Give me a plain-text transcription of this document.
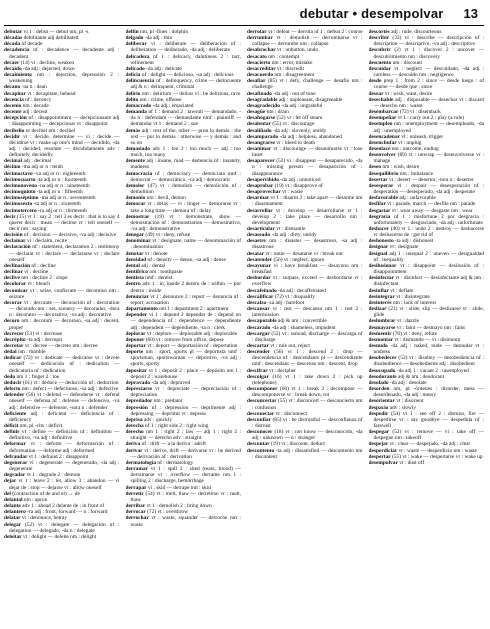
debutar • desempolvar 13

debutar vi 1 : debut — debut nm, pl -s

décadas debilitante adj debilitated

década nf decade

decadencia nf : decadence — decadente adj : decadent

decaer (14) vi : decline, weaken

decaído -da adj : dejected, down

decaimiento nm : dejection, depression 2 : weakening

decano -na n : dean

decapitar vt : decapitate, behead

decencia nf : decency

decenio nm : decade

decente adj : decent

decepción nf : disappointment — decepcionante adj : disappointing — decepcionar vt : disappoint

decibelio or decibel nm : decibel

decidir vt : decide, determine — vi : decide — decidirse vr : make up one's mind — decidido, -da adj : decided, resolute — decididamente adv : definitely, decidedly

decimal adj : decimal

décimo -ma adj or n : tenth

decimoctavo -va adj or n : eighteenth

decimocuarto -ta adj or n : fourteenth

decimonoveno -na adj or n : nineteenth

decimoquinto -ta adj or n : fifteenth

decimoséptimo -ma adj or n : seventeenth

decimosexto -ta adj or n : sixteenth

decimotercero -ra adj or n : thirteenth

decir (15) vt 1 : say 2 : tell 3 es decir : that is to say 4 querer decir : mean — decirse vr : tell oneself — decir nm : saying

decisión nf : decision — decisivo, -va adj : decisive

declamar vi : declaim, recite

declaración nf : statement, declaration 2 : testimony — declarar vt : declare — declararse vr : declare oneself

declinación nf : decline

declinar vi : decline

declive nm : decline 2 : slope

decolorar vt : bleach

decomisar vt : seize, confiscate — decomiso nm : seizure

decorar vt : decorate — decoración nf : decoration — decorado nm : set, scenery — decorador, -dora n : decorator — decorativo, -va adj : decorative

decoro nm : decorum — decoroso, -sa adj : decent, proper

decrecer (53) vi : decrease

decrépito -ta adj : decrepit

decretar vt : decree — decreto nm : decree

dedal nm : thimble

dedicar (72) vt : dedicate — dedicarse vr : devote oneself — dedicación nf : dedication — dedicatoria nf : dedication

dedo nm 1 : finger 2 : toe

deducir (61) vt : deduce — deducción nf : deduction

defecto nm : defect — defectuoso, -sa adj : defective

defender (56) vt : defend — defenderse vr : defend oneself — defensa nf : defense — defensivo, -va adj : defensive — defensor, -sora n : defender

deficiente adj : deficient — deficiencia nf : deficiency

déficit nm, pl -cits : deficit

definir vt : define — definición nf : definition — definitivo, -va adj : definitive

deformar vt : deform — deformación nf : deformation — deforme adj : deformed

defraudar vt 1 : defraud 2 : disappoint

degenerar vi : degenerate — degenerado, -da adj : degenerate

degradar vt 1 : degrade 2 : demote

dejar vt 1 : leave 2 : let, allow 3 : abandon — vi dejar de : stop — dejarse vr : allow oneself

del (contraction of de and el) → de

delantal nm : apron

delante adv 1 : ahead 2 delante de : in front of

delantero -ra adj : front, forward — n : forward

delatar vt : denounce, betray

delegar (52) vt : delegate — delegación nf : delegation — delegado, -da n : delegate

deleitar vt : delight — deleite nm : delight

delfín nm, pl -fines : dolphin

delgado -da adj : thin

deliberar vi : deliberate — deliberación nf : deliberation — deliberado, -da adj : deliberate

delicadeza nf 1 : delicacy, daintiness 2 : tact, refinement

delicado -da adj : delicate

delicia nf : delight — delicioso, -sa adj : delicious

delincuencia nf : delinquency, crime — delincuente adj & n : delinquent, criminal

delirio nm : delirium — delirar vi : be delirious, rave

delito nm : crime, offense

demacrado -da adj : emaciated

demanda nf 1 : demand 2 : lawsuit — demandado, -da n : defendant — demandante nmf : plaintiff — demandar vt 1 : demand 2 : sue

demás adj : rest of the, other — pron lo demás : the rest — por lo demás : otherwise — y demás : and so on

demasiado adv 1 : too 2 : too much — adj : too much, too many

demente adj : insane, mad — demencia nf : insanity, madness

democracia nf : democracy — demócrata nmf : democrat — democrático, -ca adj : democratic

demoler (47) vt : demolish — demolición nf : demolition

demonio nm : devil, demon

demorar vt : delay — vi : linger — demorarse vr : take a long time — demora nf : delay

demostrar (19) vt : demonstrate, show — demostración nf : demonstration — demostrativo, -va adj : demonstrative

denegar (49) vt : deny, refuse

denominar vt : designate, name — denominación nf : denomination

denotar vt : denote

densidad nf : density — denso, -sa adj : dense

dental adj : dental

dentífrico nm : toothpaste

dentista nmf : dentist

dentro adv 1 : in, inside 2 dentro de : within — por dentro : inside

denunciar vt 1 : denounce 2 : report — denuncia nf : report, accusation

departamento nm 1 : department 2 : apartment

depender vi 1 : depend 2 depender de : depend on — dependencia nf : dependence — dependiente adj : dependent — dependiente, -ta n : clerk

deplorar vt : deplore — deplorable adj : deplorable

deponer (60) vt : remove from office, depose

deportar vt : deport — deportación nf : deportation

deporte nm : sport, sports pl — deportista nmf : sportsman, sportswoman — deportivo, -va adj : sports, sporty

depositar vt 1 : deposit 2 : place — depósito nm 1 : deposit 2 : warehouse

depravado -da adj : depraved

depreciarse vr : depreciate — depreciación nf : depreciation

depredador nm : predator

depresión nf : depression — deprimente adj : depressing — deprimir vt : depress

deprisa adv : quickly

derecha nf 1 : right side 2 : right wing

derecho nm 1 : right 2 : law — adj 1 : right 2 : straight — derecho adv : straight

deriva nf : drift — a la deriva : adrift

derivar vi : derive, drift — derivarse vr : be derived — derivación nf : derivation

dermatología nf : dermatology

derramar vt 1 : spill 2 : shed (tears, blood) — derramarse vr : overflow — derrame nm 1 : spilling 2 : discharge, hemorrhage

derrapar vi : skid — derrape nm : skid

derretir (54) vt : melt, thaw — derretirse vr : melt, thaw

derribar vt 1 : demolish 2 : bring down

derrocar (72) vt : overthrow

derrochar vt : waste, squander — derroche nm : waste

derrotar vt : defeat — derrota nf 1 : defeat 2 : course

derrumbar vt : demolish — derrumbarse vr : collapse — derrumbe nm : collapse

desabrochar vt : unbutton, undo

desacato nm : contempt

desacierto nm : error, mistake

desacreditar vt : discredit

desacuerdo nm : disagreement

desafiar (85) vt : defy, challenge — desafío nm : challenge

desafinado -da adj : out of tune

desagradable adj : unpleasant, disagreeable

desagradecido -da adj : ungrateful

desagüe nm : drain

desahogarse (52) vr : let off steam

desalentar (55) vt : discourage

desaliñado -da adj : slovenly, untidy

desamparado -da adj : helpless, abandoned

desangrarse vr : bleed to death

desanimar vt : discourage — desanimarse vr : lose heart

desaparecer (53) vi : disappear — desaparecido, -da n : missing person — desaparición nf : disappearance

desapercibido -da adj : unnoticed

desaprobar (19) vt : disapprove of

desaprovechar vt : waste

desarmar vt 1 : disarm 2 : take apart — desarme nm : disarmament

desarrollar vt : develop — desarrollarse vr 1 : develop 2 : take place — desarrollo nm : development

desarticular vt : dismantle

desaseado -da adj : dirty, untidy

desastre nm : disaster — desastroso, -sa adj : disastrous

desatar vt : untie — desatarse vr : break out

desatender (56) vt : neglect, ignore

desayunar vi : have breakfast — desayuno nm : breakfast

desbordar vt : surpass, exceed — desbordarse vr : overflow

descafeinado -da adj : decaffeinated

descalificar (72) vt : disqualify

descalzo -za adj : barefoot

descansar vi : rest — descanso nm 1 : rest 2 : intermission

descapotable adj & nm : convertible

descarado -da adj : shameless, impudent

descargar (52) vt : unload, discharge — descarga nf : discharge

descartar vt : rule out, reject

descender (56) vi 1 : descend 2 : drop — descendencia nf : descendants pl — descendiente nmf : descendant — descenso nm : descent, drop

descifrar vt : decipher

descolgar (16) vt 1 : take down 2 : pick up (telephone)

descomponer (60) vt 1 : break 2 : decompose — descomponerse vr : break down, rot

desconcertar (55) vt : disconcert — desconcierto nm : confusion

desconectar vt : disconnect

desconfiar (85) vi : be distrustful — desconfianza nf : distrust

desconocer (18) vt : not know — desconocido, -da adj : unknown — n : stranger

descontar (19) vt : discount, deduct

descontento -ta adj : dissatisfied — descontento nm : discontent

descortés adj : rude, discourteous

describir (33) vt : describe — descripción nf : description — descriptivo, -va adj : descriptive

descubrir (2) vt 1 : discover 2 : uncover — descubrimiento nm : discovery

descuento nm : discount

descuidar vt : neglect — descuidado, -da adj : careless — descuido nm : negligence

desde prep 1 : from 2 : since — desde luego : of course — desde que : since

desear vt : wish, want, desire

desechable adj : disposable — desechar vt : discard — desecho nm : waste

desembarcar (72) vi : disembark

desempeñar vt 1 : carry out 2 : play (a role)

desempleo nm : unemployment — desempleado, -da adj : unemployed

desencadenar vt : unleash, trigger

desenchufar vt : unplug

desenlace nm : outcome, ending

desenvolver (89) vt : unwrap — desenvolverse vr : manage

deseo nm : wish, desire

desequilibrio nm : imbalance

desertar vi : desert — desertor, -tora n : deserter

desesperar vi : despair — desesperación nf : desperation — desesperado, -da adj : desperate

desfavorable adj : unfavorable

desfilar vi : parade, march — desfile nm : parade

desgastar vt : wear away — desgaste nm : wear

desgracia nf 1 : misfortune 2 por desgracia : unfortunately — desgraciado, -da adj : unfortunate

deshacer (40) vt 1 : undo 2 : destroy — deshacerse vr deshacerse de : get rid of

deshonesto -ta adj : dishonest

designar vt : designate

desigual adj 1 : unequal 2 : uneven — desigualdad nf : inequality

desilusionar vt : disappoint — desilusión nf : disappointment

desinfectar vt : disinfect — desinfectante adj & nm : disinfectant

desinflar vt : deflate

desintegrar vt : disintegrate

desinterés nm : lack of interest

deslizar (21) vt : slide, slip — deslizarse vr : slide, glide

deslumbrar vt : dazzle

desmayarse vr : faint — desmayo nm : faint

desmentir (76) vt : deny, refute

desmontar vt : dismantle — vi : dismount

desnudo -da adj : naked, nude — desnudar vt : undress

desobedecer (53) vt : disobey — desobediencia nf : disobedience — desobediente adj : disobedient

desocupado -da adj 1 : vacant 2 : unemployed

desodorante adj & nm : deodorant

desolado -da adj : desolate

desorden nm, pl -órdenes : disorder, mess — desordenado, -da adj : messy

desorientar vt : disorient

despacio adv : slowly

despedir (54) vt 1 : see off 2 : dismiss, fire — despedirse vr : say goodbye — despedida nf : farewell

despegar (52) vt : remove — vi : take off — despegue nm : takeoff

despejar vt : clear — despejado, -da adj : clear

desperdiciar vt : waste — desperdicio nm : waste

despertar (55) vt : wake — despertarse vr : wake up

desempolvar vt : dust off
